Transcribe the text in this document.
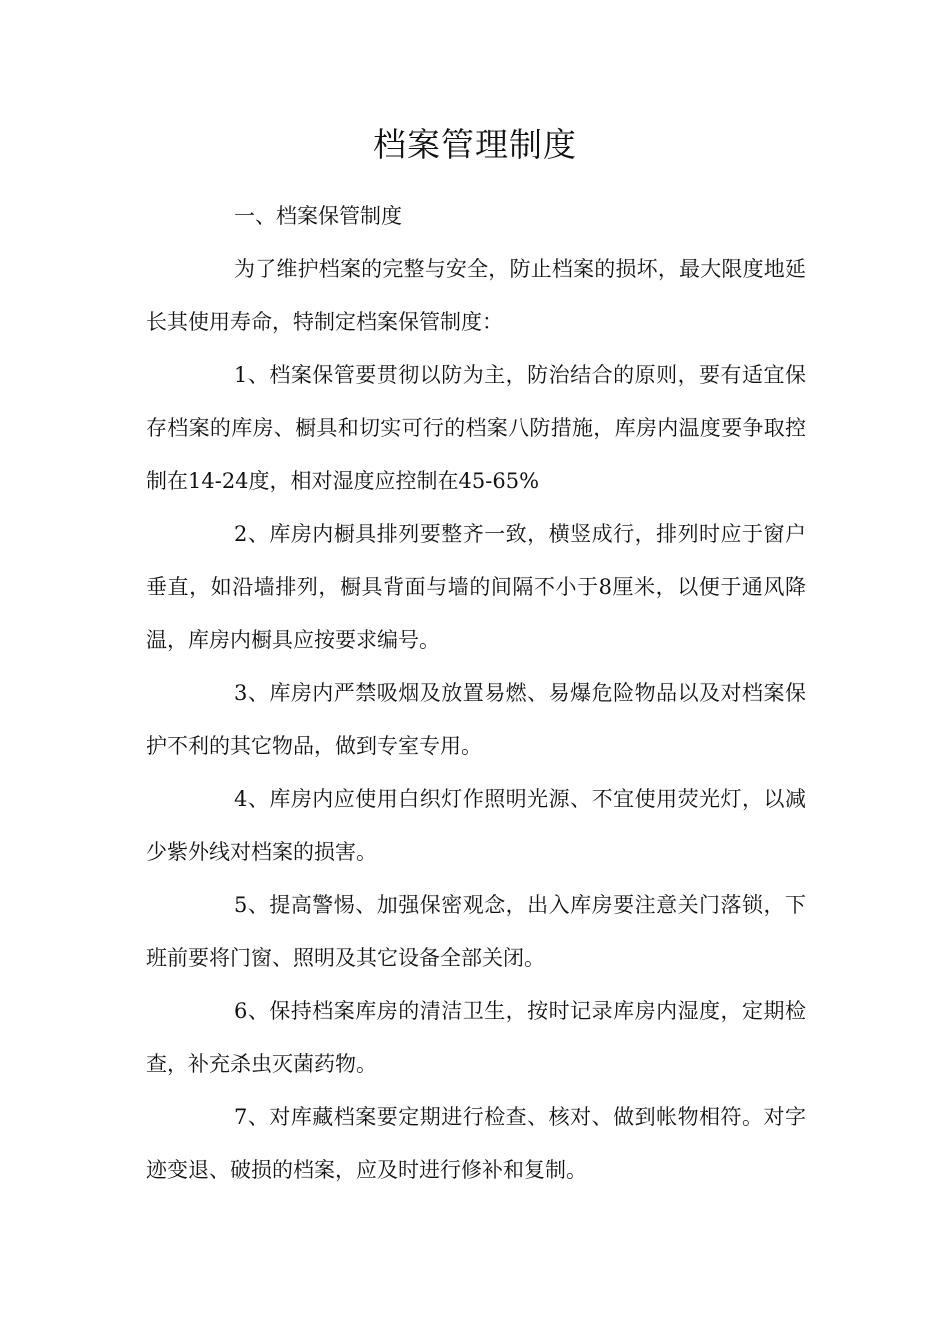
档案管理制度

一、档案保管制度

为了维护档案的完整与安全，防止档案的损坏，最大限度地延长其使用寿命，特制定档案保管制度：

1、档案保管要贯彻以防为主，防治结合的原则，要有适宜保存档案的库房、橱具和切实可行的档案八防措施，库房内温度要争取控制在14-24度，相对湿度应控制在45-65%

2、库房内橱具排列要整齐一致，横竖成行，排列时应于窗户垂直，如沿墙排列，橱具背面与墙的间隔不小于8厘米，以便于通风降温，库房内橱具应按要求编号。

3、库房内严禁吸烟及放置易燃、易爆危险物品以及对档案保护不利的其它物品，做到专室专用。

4、库房内应使用白织灯作照明光源、不宜使用荧光灯，以减少紫外线对档案的损害。

5、提高警惕、加强保密观念，出入库房要注意关门落锁，下班前要将门窗、照明及其它设备全部关闭。

6、保持档案库房的清洁卫生，按时记录库房内湿度，定期检查，补充杀虫灭菌药物。

7、对库藏档案要定期进行检查、核对、做到帐物相符。对字迹变退、破损的档案，应及时进行修补和复制。
